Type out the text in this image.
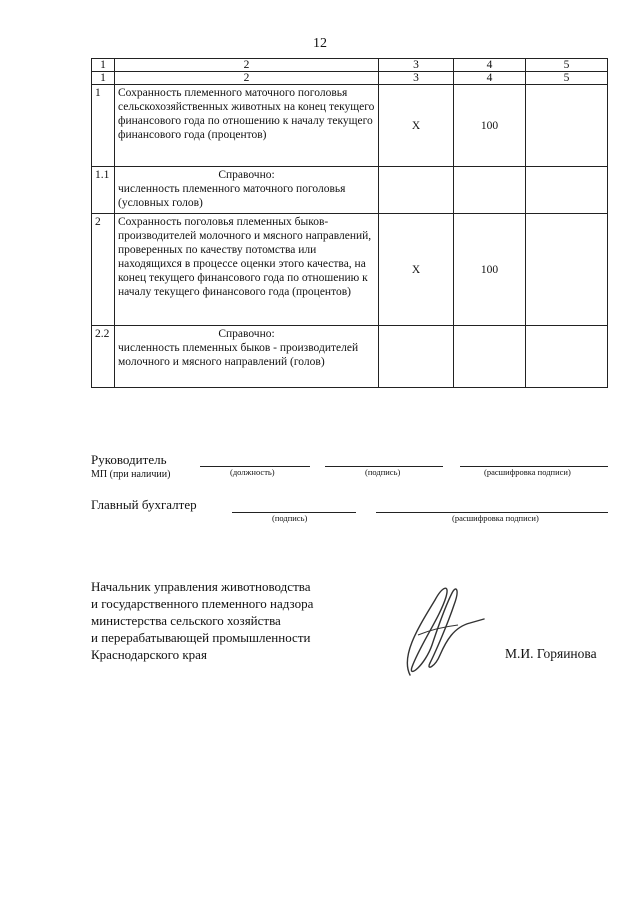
12
1	2	3	4	5
1	2	3	4	5
1	Сохранность племенного маточного поголовья сельскохозяйственных животных на конец текущего финансового года по отношению к началу текущего финансового года (процентов)	Х	100	
1.1	Справочно:
численность племенного маточного поголовья (условных голов)			
2	Сохранность поголовья племенных быков-производителей молочного и мясного направлений, проверенных по качеству потомства или находящихся в процессе оценки этого качества, на конец текущего финансового года по отношению к началу текущего финансового года (процентов)	Х	100	
2.2	Справочно:
численность племенных быков - производителей молочного и мясного направлений (голов)			
Руководитель
МП (при наличии)	(должность)	(подпись)	(расшифровка подписи)
Главный бухгалтер
(подпись)	(расшифровка подписи)
Начальник управления животноводства
и государственного племенного надзора
министерства сельского хозяйства
и перерабатывающей промышленности
Краснодарского края	М.И. Горяинова
